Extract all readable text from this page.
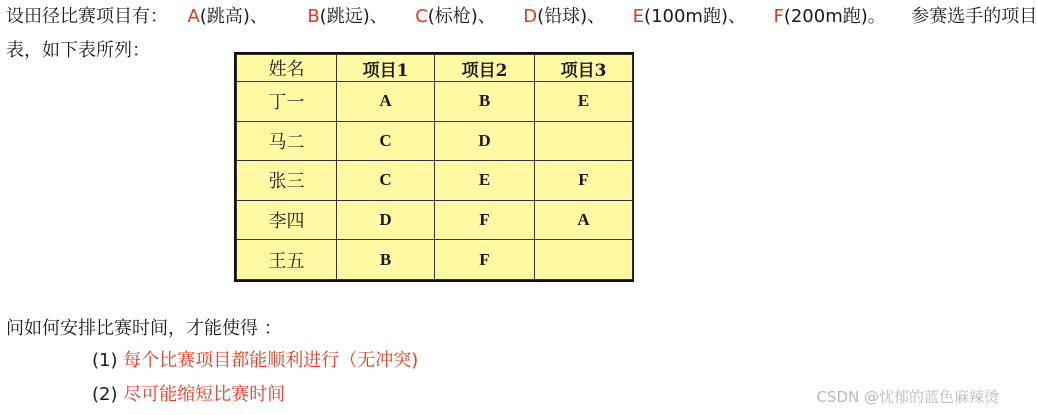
设田径比赛项目有： A(跳高)、 B(跳远)、 C(标枪)、 D(铅球)、 E(100m跑)、 F(200m跑)。 参赛选手的项目
表，如下表所列：
姓名	项目1	项目2	项目3
丁一	A	B	E
马二	C	D	
张三	C	E	F
李四	D	F	A
王五	B	F	
问如何安排比赛时间，才能使得 ：
(1) 每个比赛项目都能顺利进行（无冲突)
(2) 尽可能缩短比赛时间	CSDN @忧郁的蓝色麻辣烫
